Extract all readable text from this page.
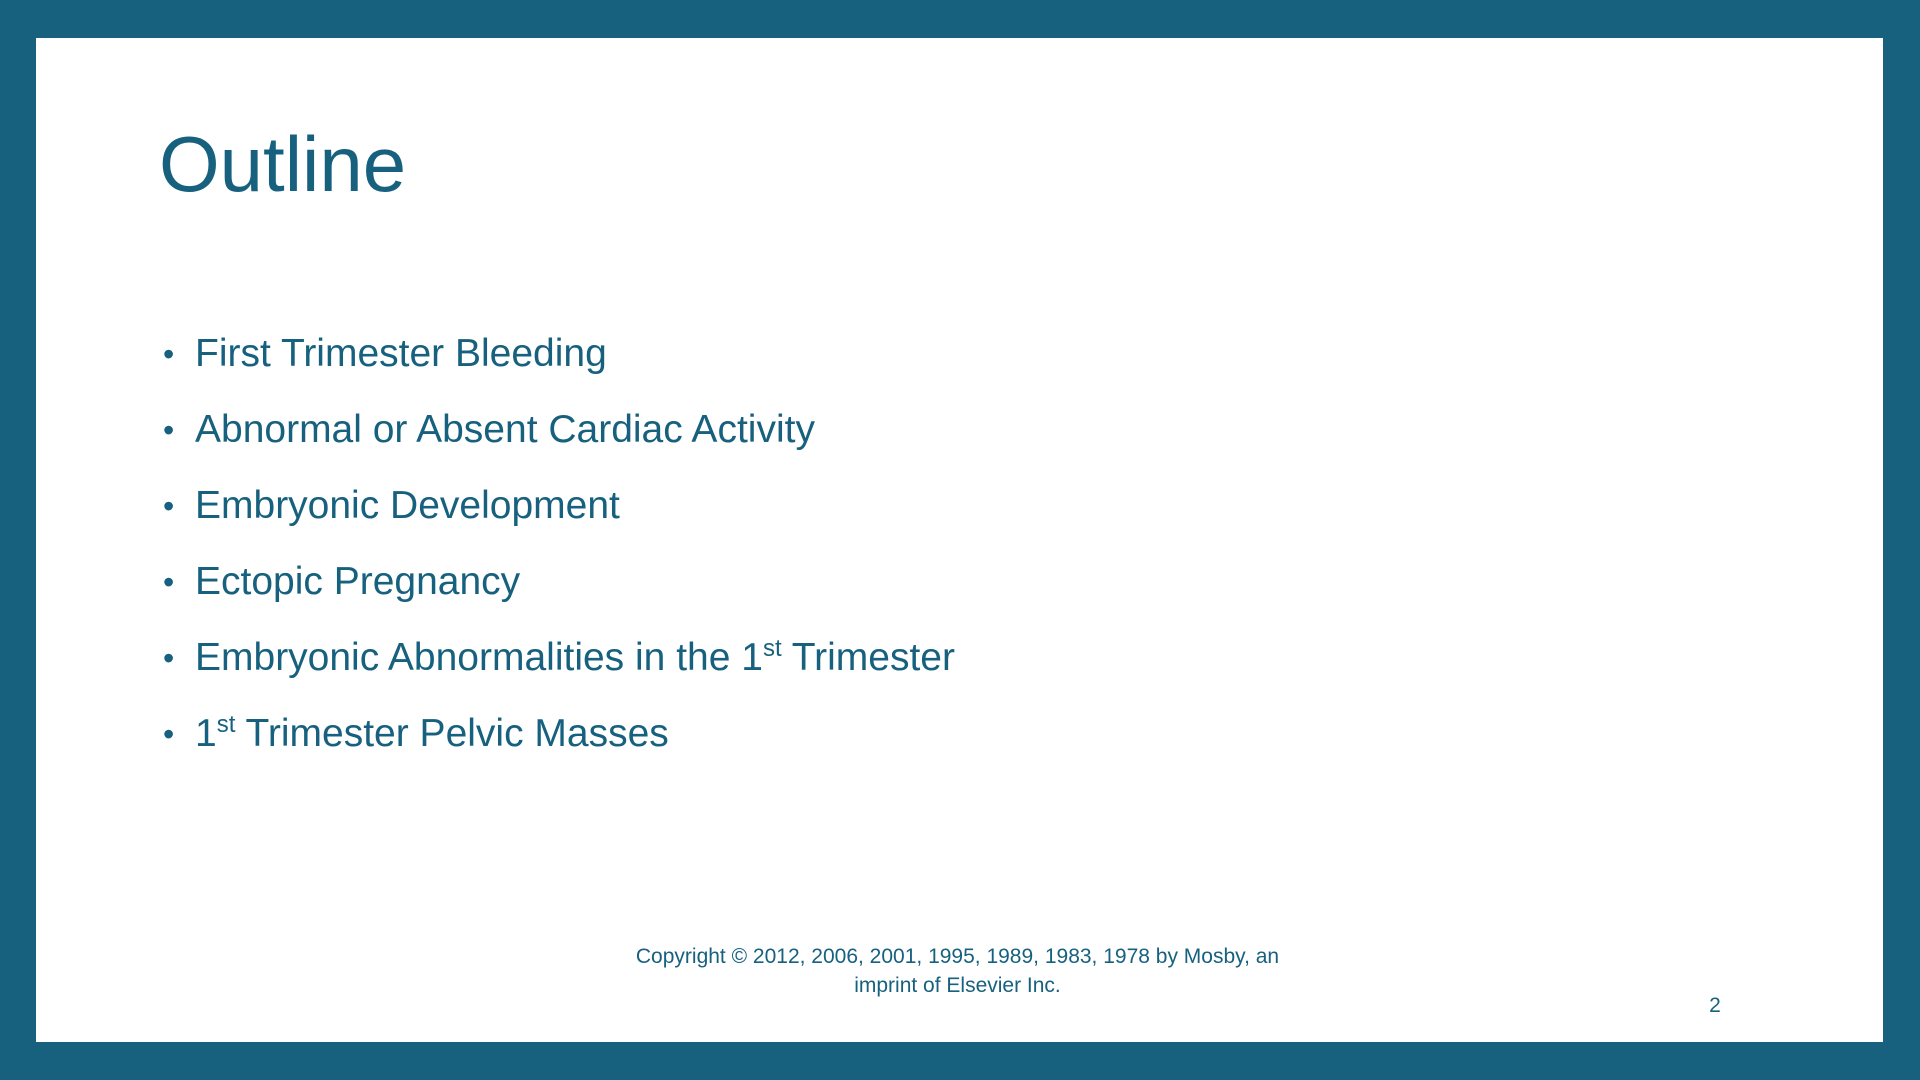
Outline
• First Trimester Bleeding
• Abnormal or Absent Cardiac Activity
• Embryonic Development
• Ectopic Pregnancy
• Embryonic Abnormalities in the 1st Trimester
• 1st Trimester Pelvic Masses
Copyright © 2012, 2006, 2001, 1995, 1989, 1983, 1978 by Mosby, an
imprint of Elsevier Inc.
2
